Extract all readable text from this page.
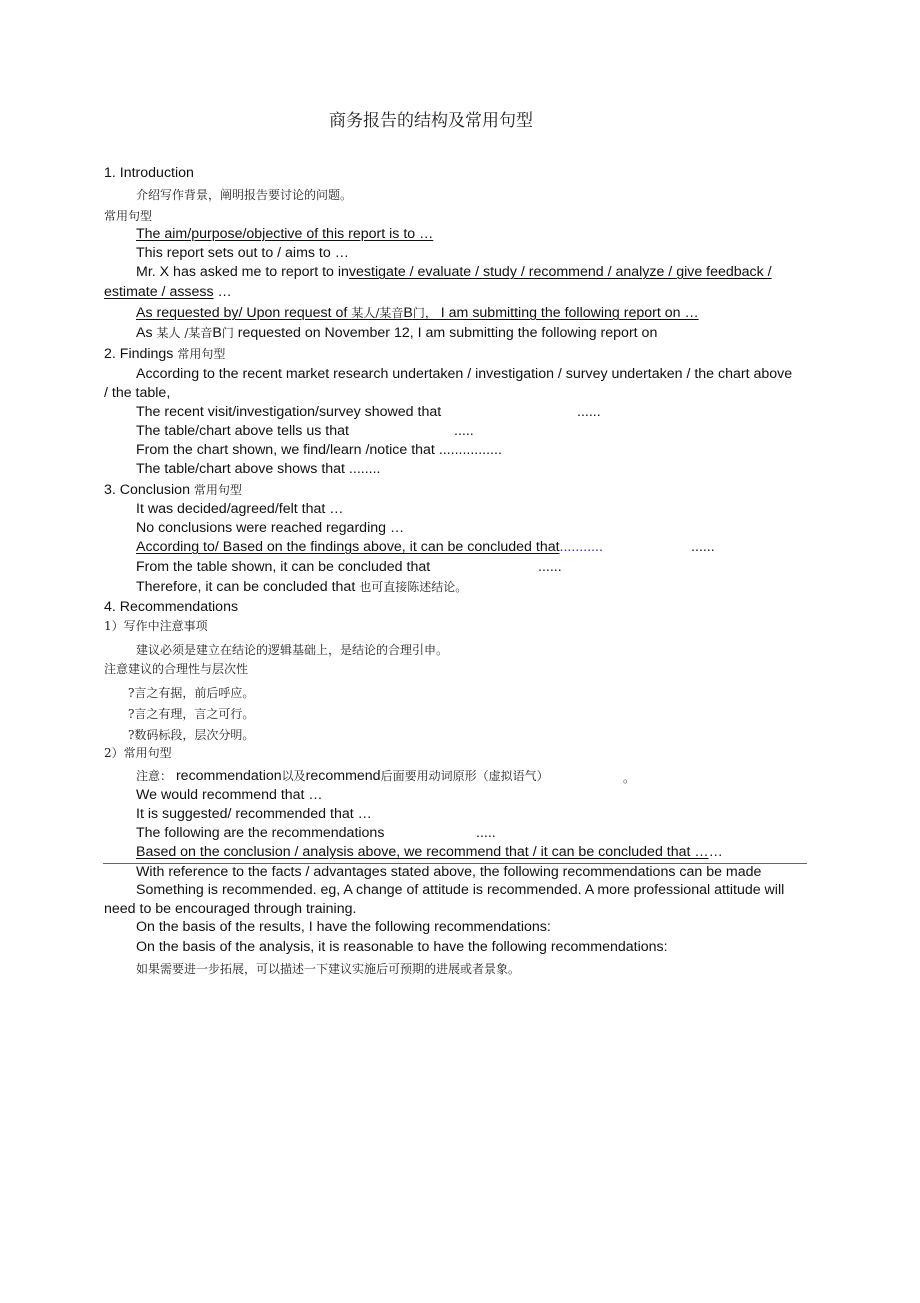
商务报告的结构及常用句型
1. Introduction
介绍写作背景，阐明报告要讨论的问题。
常用句型
The aim/purpose/objective of this report is to …
This report sets out to / aims to …
Mr. X has asked me to report to investigate / evaluate / study / recommend / analyze / give feedback /
estimate / assess …
As requested by/ Upon request of 某人/某音B门， I am submitting the following report on …
As 某人 /某音B门 requested on November 12, I am submitting the following report on
2. Findings 常用句型
According to the recent market research undertaken / investigation / survey undertaken / the chart above
/ the table,
The recent visit/investigation/survey showed that	......
The table/chart above tells us that	.....
From the chart shown, we find/learn /notice that ................
The table/chart above shows that ........
3. Conclusion 常用句型
It was decided/agreed/felt that …
No conclusions were reached regarding …
According to/ Based on the findings above, it can be concluded that...........	......
From the table shown, it can be concluded that	......
Therefore, it can be concluded that 也可直接陈述结论。
4. Recommendations
1）写作中注意事项
建议必须是建立在结论的逻辑基础上，是结论的合理引申。
注意建议的合理性与层次性
?言之有据，前后呼应。
?言之有理，言之可行。
?数码标段，层次分明。
2）常用句型
注意： recommendation以及recommend后面要用动词原形（虚拟语气）	。
We would recommend that …
It is suggested/ recommended that …
The following are the recommendations	.....
Based on the conclusion / analysis above, we recommend that / it can be concluded that ……
With reference to the facts / advantages stated above, the following recommendations can be made
Something is recommended. eg, A change of attitude is recommended. A more professional attitude will
need to be encouraged through training.
On the basis of the results, I have the following recommendations:
On the basis of the analysis, it is reasonable to have the following recommendations:
如果需要进一步拓展，可以描述一下建议实施后可预期的进展或者景象。
